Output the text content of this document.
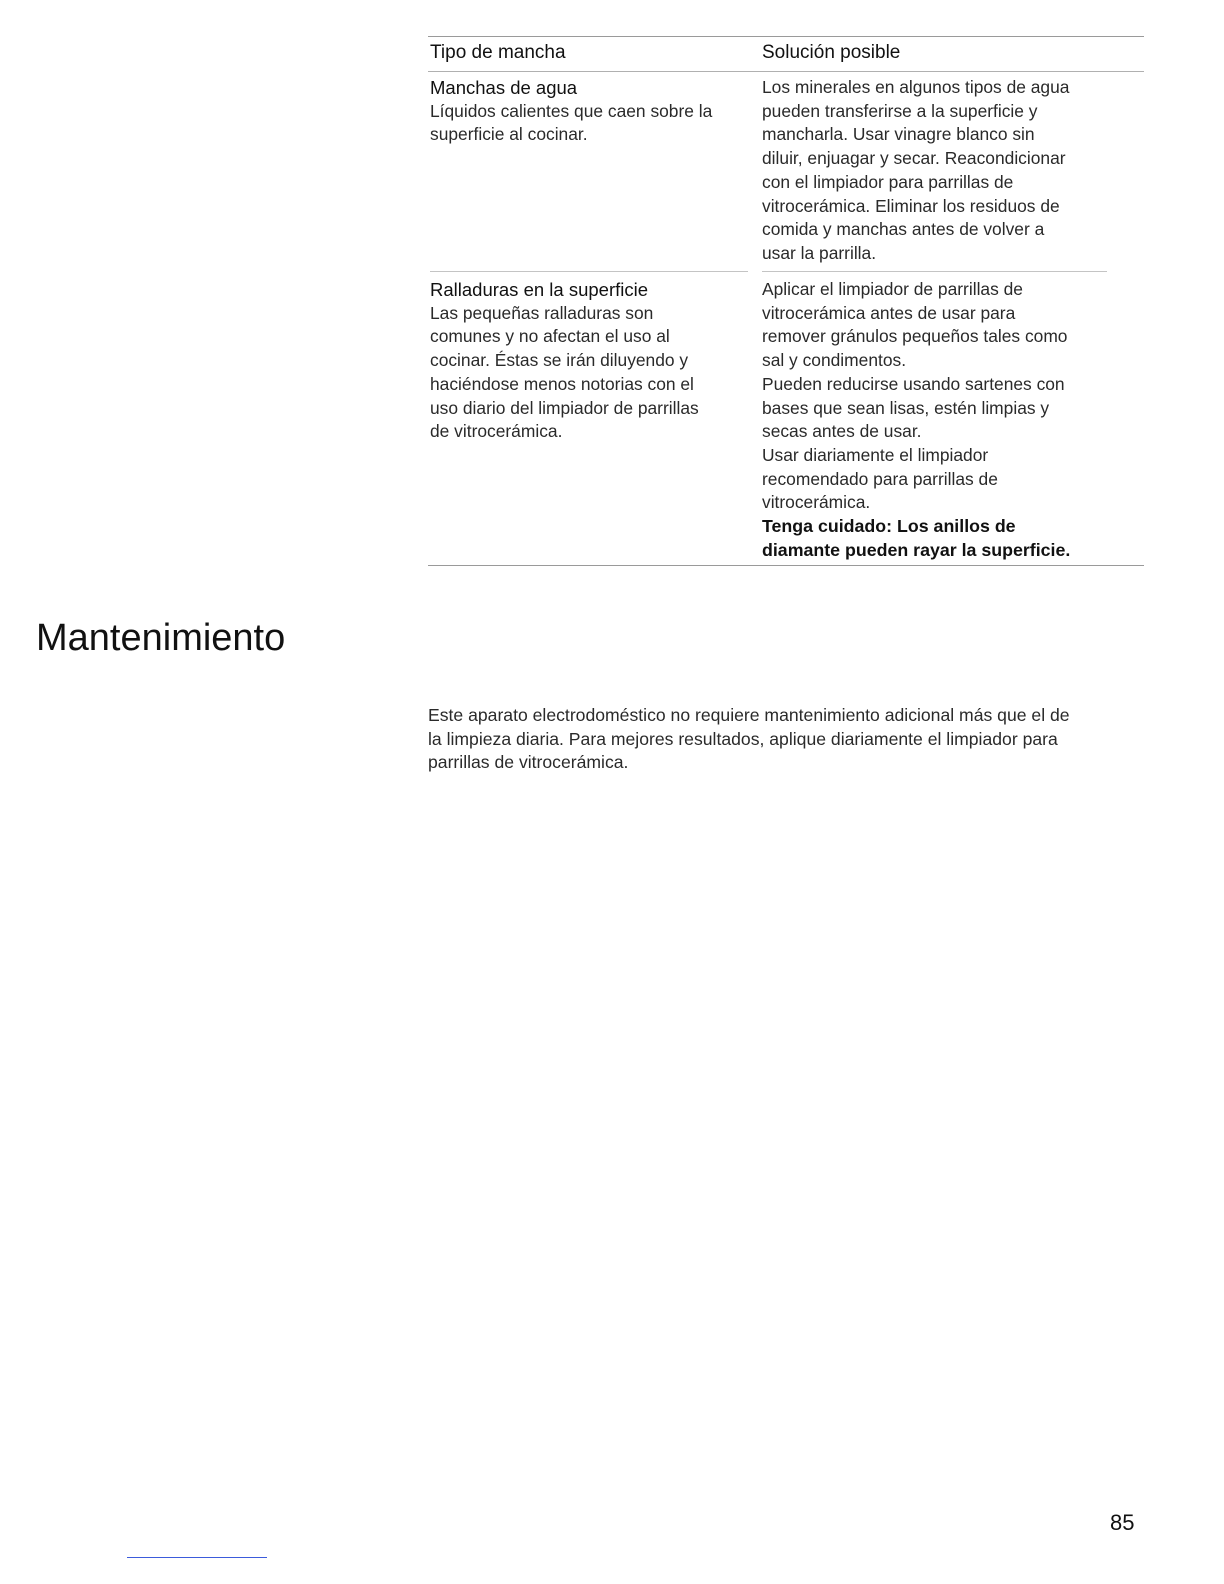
Tipo de mancha	Solución posible
Manchas de agua
Líquidos calientes que caen sobre la
superficie al cocinar.
Los minerales en algunos tipos de agua
pueden transferirse a la superficie y
mancharla. Usar vinagre blanco sin
diluir, enjuagar y secar. Reacondicionar
con el limpiador para parrillas de
vitrocerámica. Eliminar los residuos de
comida y manchas antes de volver a
usar la parrilla.
Ralladuras en la superficie
Las pequeñas ralladuras son
comunes y no afectan el uso al
cocinar. Éstas se irán diluyendo y
haciéndose menos notorias con el
uso diario del limpiador de parrillas
de vitrocerámica.
Aplicar el limpiador de parrillas de
vitrocerámica antes de usar para
remover gránulos pequeños tales como
sal y condimentos.
Pueden reducirse usando sartenes con
bases que sean lisas, estén limpias y
secas antes de usar.
Usar diariamente el limpiador
recomendado para parrillas de
vitrocerámica.
Tenga cuidado: Los anillos de
diamante pueden rayar la superficie.
Mantenimiento
Este aparato electrodoméstico no requiere mantenimiento adicional más que el de
la limpieza diaria. Para mejores resultados, aplique diariamente el limpiador para
parrillas de vitrocerámica.
85
